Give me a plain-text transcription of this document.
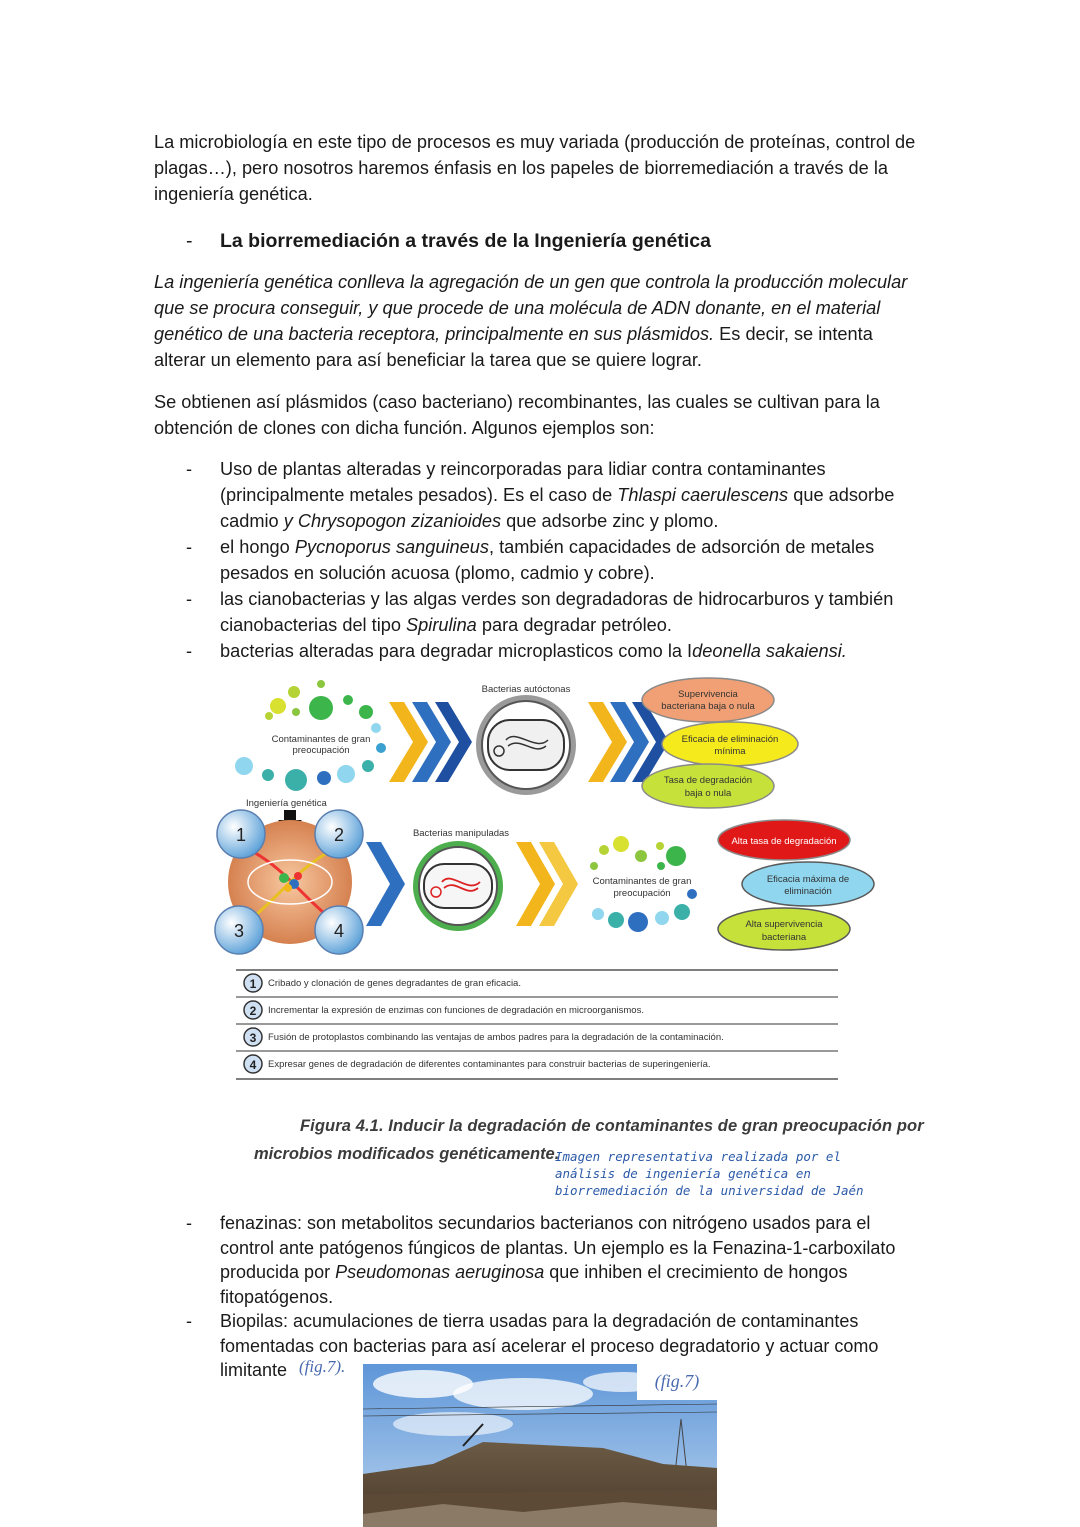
La microbiología en este tipo de procesos es muy variada (producción de proteínas, control de plagas…), pero nosotros haremos énfasis en los papeles de biorremediación a través de la ingeniería genética.

- La biorremediación a través de la Ingeniería genética

La ingeniería genética conlleva la agregación de un gen que controla la producción molecular que se procura conseguir, y que procede de una molécula de ADN donante, en el material genético de una bacteria receptora, principalmente en sus plásmidos. Es decir, se intenta alterar un elemento para así beneficiar la tarea que se quiere lograr.

Se obtienen así plásmidos (caso bacteriano) recombinantes, las cuales se cultivan para la obtención de clones con dicha función. Algunos ejemplos son:

- Uso de plantas alteradas y reincorporadas para lidiar contra contaminantes (principalmente metales pesados). Es el caso de Thlaspi caerulescens que adsorbe cadmio y Chrysopogon zizanioides que adsorbe zinc y plomo.
- el hongo Pycnoporus sanguineus, también capacidades de adsorción de metales pesados en solución acuosa (plomo, cadmio y cobre).
- las cianobacterias y las algas verdes son degradadoras de hidrocarburos y también cianobacterias del tipo Spirulina para degradar petróleo.
- bacterias alteradas para degradar microplasticos como la Ideonella sakaiensi.
Contaminantes de gran
preocupación
Bacterias autóctonas	Supervivencia
bacteriana baja o nula
Eficacia de eliminación
mínima
Tasa de degradación
baja o nula
Ingeniería genética
1	2
3	4
Bacterias manipuladas
Contaminantes de gran
preocupación
Alta tasa de degradación
Eficacia máxima de
eliminación
Alta supervivencia
bacteriana
1
2
3
4
Cribado y clonación de genes degradantes de gran eficacia.
Incrementar la expresión de enzimas con funciones de degradación en microorganismos.
Fusión de protoplastos combinando las ventajas de ambos padres para la degradación de la contaminación.
Expresar genes de degradación de diferentes contaminantes para construir bacterias de superingeniería.
Figura 4.1. Inducir la degradación de contaminantes de gran preocupación por
microbios modificados genéticamente.
Imagen representativa realizada por el análisis de ingeniería genética en biorremediación de la universidad de Jaén
- fenazinas: son metabolitos secundarios bacterianos con nitrógeno usados para el control ante patógenos fúngicos de plantas. Un ejemplo es la Fenazina-1-carboxilato producida por Pseudomonas aeruginosa que inhiben el crecimiento de hongos fitopatógenos.
- Biopilas: acumulaciones de tierra usadas para la degradación de contaminantes fomentadas con bacterias para así acelerar el proceso degradatorio y actuar como limitante (fig.7).
(fig.7)
